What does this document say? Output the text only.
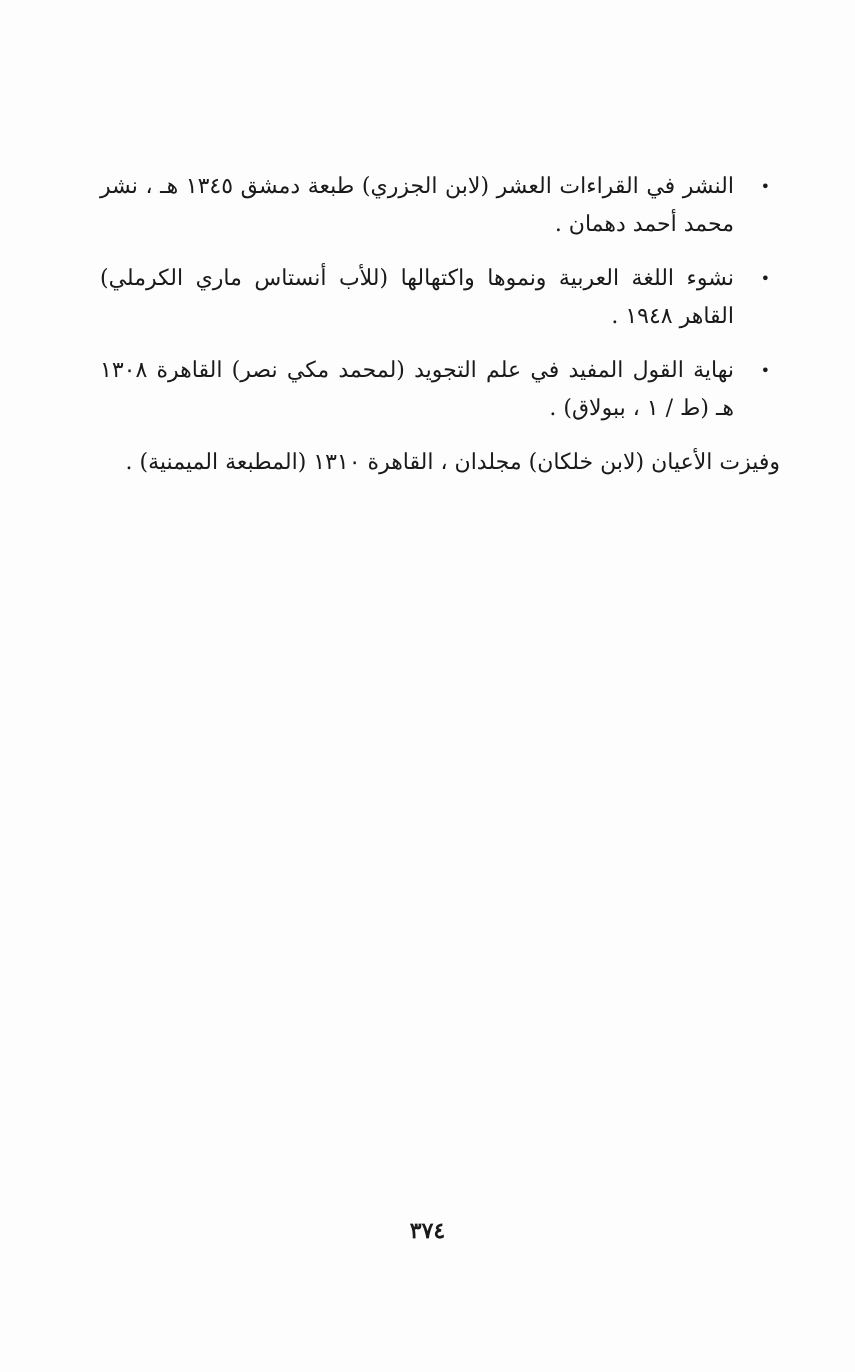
•
النشر في القراءات العشر (لابن الجزري) طبعة دمشق ١٣٤٥ هـ ، نشر محمد أحمد دهمان .
•
نشوء اللغة العربية ونموها واكتهالها (للأب أنستاس ماري الكرملي) القاهر ١٩٤٨ .
•
نهاية القول المفيد في علم التجويد (لمحمد مكي نصر) القاهرة ١٣٠٨ هـ (ط / ١ ، ببولاق) .
وفيزت الأعيان (لابن خلكان) مجلدان ، القاهرة ١٣١٠ (المطبعة الميمنية) .
٣٧٤
